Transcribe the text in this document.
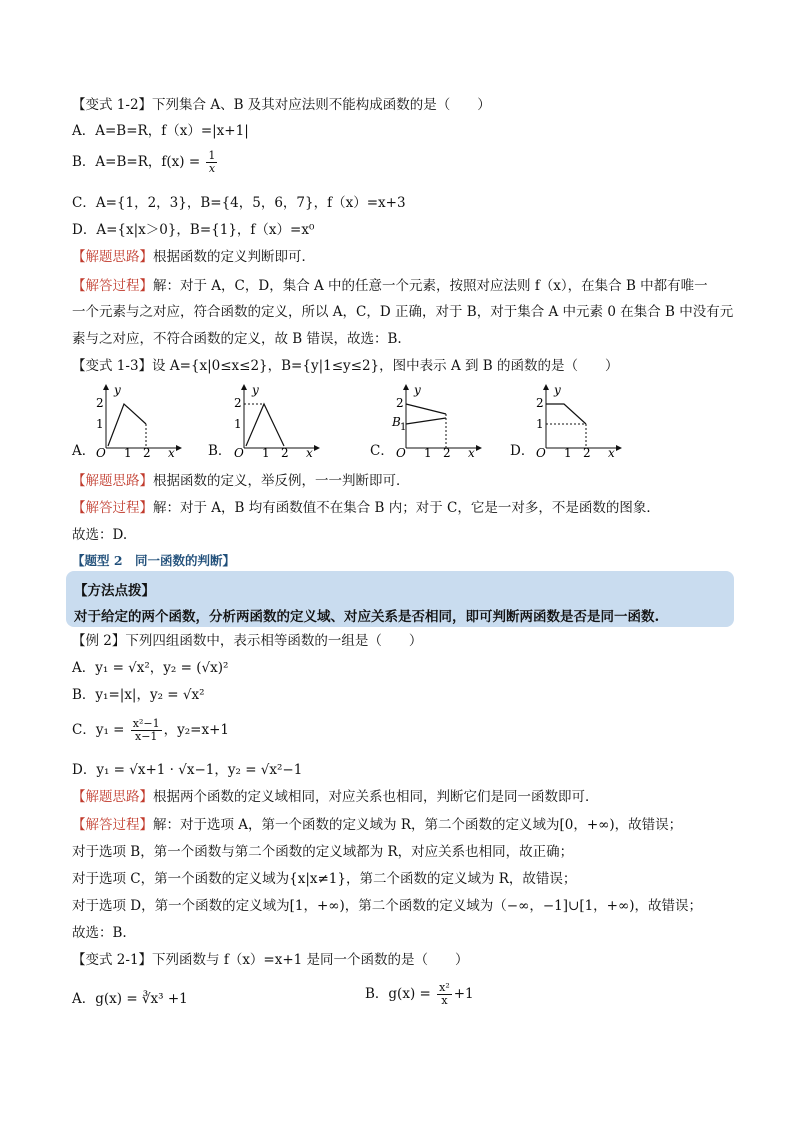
【变式 1-2】下列集合 A、B 及其对应法则不能构成函数的是（　　）
A．A=B=R，f（x）=|x+1|
B．A=B=R，$f(x) = \frac{1}{x}$
C．A={1，2，3}，B={4，5，6，7}，f（x）=x+3
D．A={x|x＞0}，B={1}，f（x）=x⁰
【解题思路】根据函数的定义判断即可．
【解答过程】解：对于 A，C，D，集合 A 中的任意一个元素，按照对应法则 f（x），在集合 B 中都有唯一
一个元素与之对应，符合函数的定义，所以 A，C，D 正确，对于 B，对于集合 A 中元素 0 在集合 B 中没有元
素与之对应，不符合函数的定义，故 B 错误，故选：B.
【变式 1-3】设 A={x|0≤x≤2}，B={y|1≤y≤2}，图中表示 A 到 B 的函数的是（　　）
A．
y
x
O
2
1
1 2	B．
y
x
O
2
1
1 2	C．
y
x
O
2
B 1
1 2	D．
y
x
O
2
1
1 2
【解题思路】根据函数的定义，举反例，一一判断即可．
【解答过程】解：对于 A，B 均有函数值不在集合 B 内；对于 C，它是一对多，不是函数的图象．
故选：D.
【题型 2　同一函数的判断】
【方法点拨】
对于给定的两个函数，分析两函数的定义域、对应关系是否相同，即可判断两函数是否是同一函数.
【例 2】下列四组函数中，表示相等函数的一组是（　　）
A．y₁ = √x²，y₂ = (√x)²
B．y₁=|x|，y₂ = √x²
C．$y_1 = \frac{\text{x²−1}}{x-1}$ ，y₂=x+1
D．y₁ = √x+1 · √x−1，y₂ = √x²−1
【解题思路】根据两个函数的定义域相同，对应关系也相同，判断它们是同一函数即可．
【解答过程】解：对于选项 A，第一个函数的定义域为 R，第二个函数的定义域为[0，+∞)，故错误；
对于选项 B，第一个函数与第二个函数的定义域都为 R，对应关系也相同，故正确；
对于选项 C，第一个函数的定义域为{x|x≠1}，第二个函数的定义域为 R，故错误；
对于选项 D，第一个函数的定义域为[1，+∞)，第二个函数的定义域为（−∞，−1]∪[1，+∞)，故错误；
故选：B.
【变式 2-1】下列函数与 f（x）=x+1 是同一个函数的是（　　）
A．g(x) = ∛x³ +1	B．$g(x) = \frac{\text{x²}}{x} +1$
